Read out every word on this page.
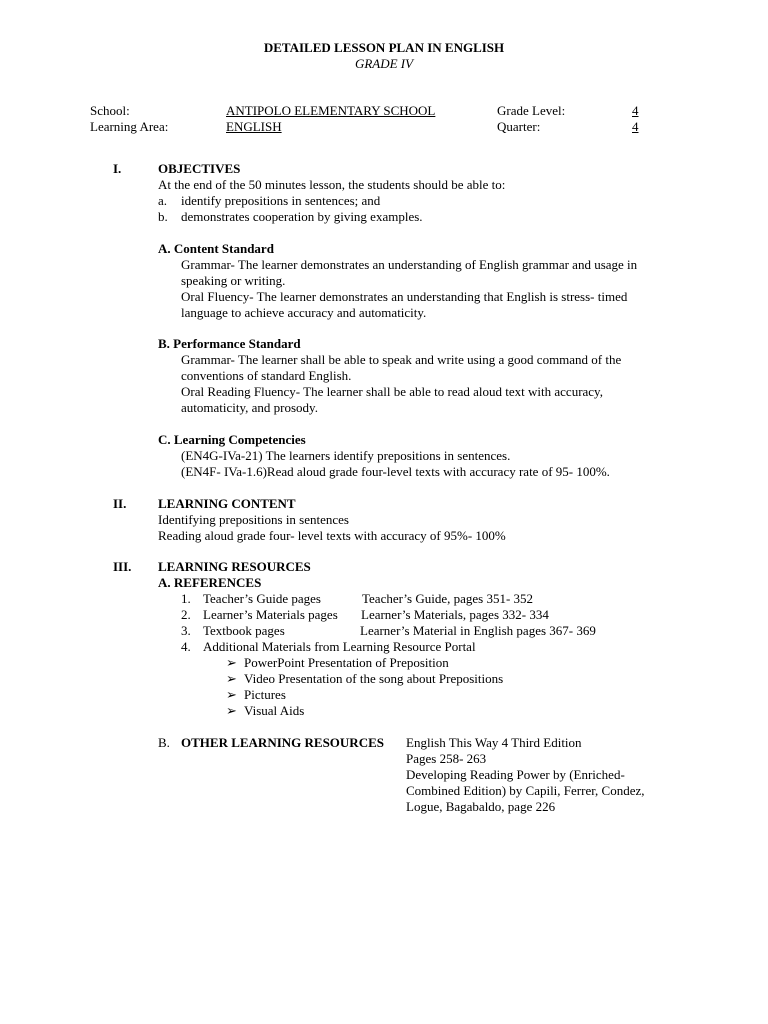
DETAILED LESSON PLAN IN ENGLISH
GRADE IV
School:	ANTIPOLO ELEMENTARY SCHOOL	Grade Level:	4
Learning Area:	ENGLISH	Quarter:	4
I.	OBJECTIVES
At the end of the 50 minutes lesson, the students should be able to:
a. identify prepositions in sentences; and
b. demonstrates cooperation by giving examples.
A. Content Standard
Grammar- The learner demonstrates an understanding of English grammar and usage in
speaking or writing.
Oral Fluency- The learner demonstrates an understanding that English is stress- timed
language to achieve accuracy and automaticity.
B. Performance Standard
Grammar- The learner shall be able to speak and write using a good command of the
conventions of standard English.
Oral Reading Fluency- The learner shall be able to read aloud text with accuracy,
automaticity, and prosody.
C. Learning Competencies
(EN4G-IVa-21) The learners identify prepositions in sentences.
(EN4F- IVa-1.6)Read aloud grade four-level texts with accuracy rate of 95- 100%.
II. LEARNING CONTENT
Identifying prepositions in sentences
Reading aloud grade four- level texts with accuracy of 95%- 100%
III. LEARNING RESOURCES
A. REFERENCES
1. Teacher’s Guide pages	Teacher’s Guide, pages 351- 352
2. Learner’s Materials pages Learner’s Materials, pages 332- 334
3. Textbook pages	Learner’s Material in English pages 367- 369
4. Additional Materials from Learning Resource Portal
➢ PowerPoint Presentation of Preposition
➢ Video Presentation of the song about Prepositions
➢ Pictures
➢ Visual Aids
B. OTHER LEARNING RESOURCES English This Way 4 Third Edition
Pages 258- 263
Developing Reading Power by (Enriched-
Combined Edition) by Capili, Ferrer, Condez,
Logue, Bagabaldo, page 226
